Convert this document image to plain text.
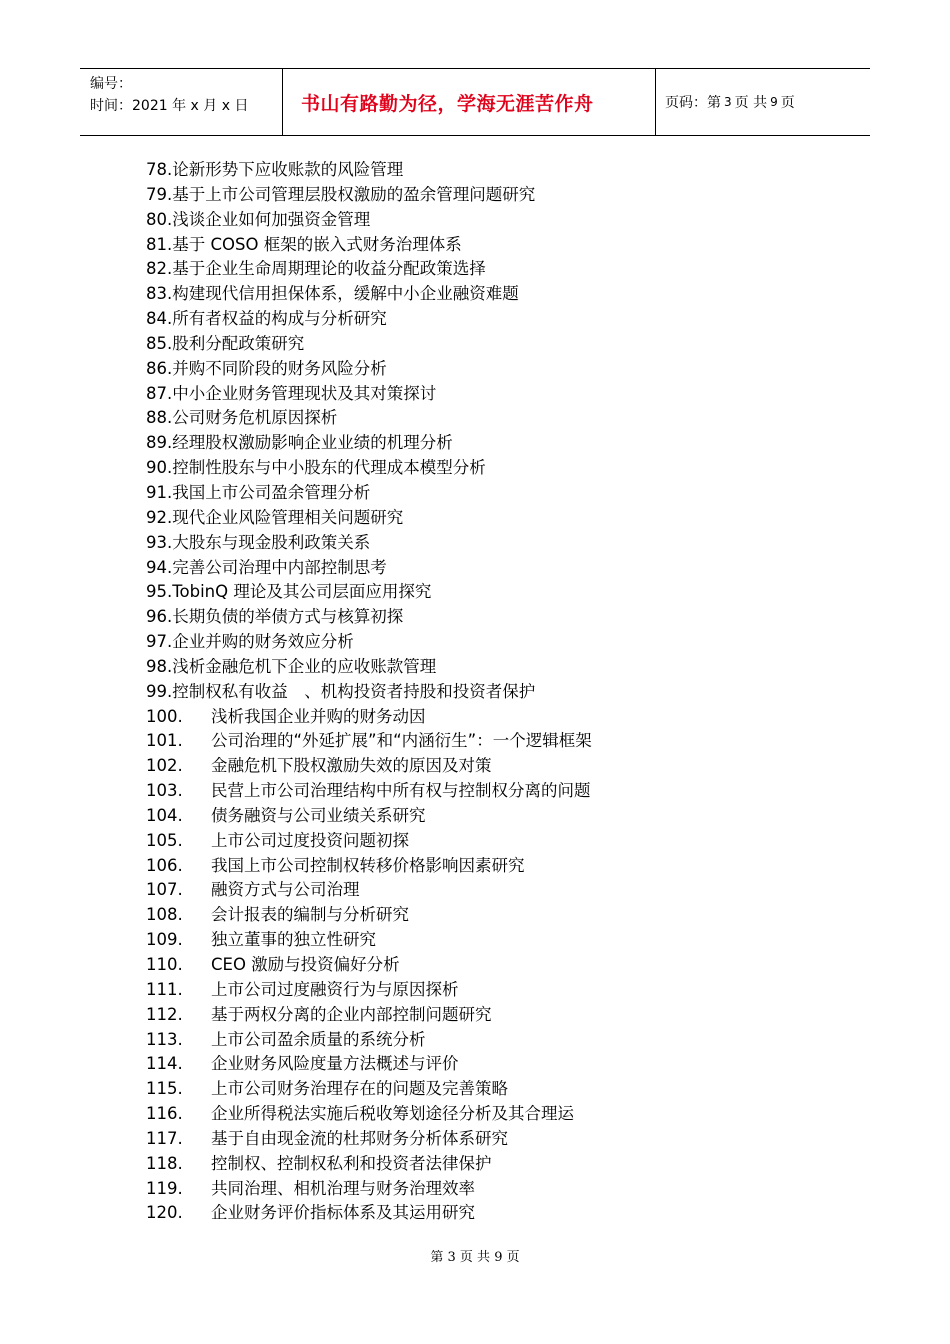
编号：
时间：2021 年 x 月 x 日	书山有路勤为径，学海无涯苦作舟	页码：第 3 页 共 9 页
78. 论新形势下应收账款的风险管理
79. 基于上市公司管理层股权激励的盈余管理问题研究
80. 浅谈企业如何加强资金管理
81. 基于 COSO 框架的嵌入式财务治理体系
82. 基于企业生命周期理论的收益分配政策选择
83. 构建现代信用担保体系，缓解中小企业融资难题
84. 所有者权益的构成与分析研究
85. 股利分配政策研究
86. 并购不同阶段的财务风险分析
87. 中小企业财务管理现状及其对策探讨
88. 公司财务危机原因探析
89. 经理股权激励影响企业业绩的机理分析
90. 控制性股东与中小股东的代理成本模型分析
91. 我国上市公司盈余管理分析
92. 现代企业风险管理相关问题研究
93. 大股东与现金股利政策关系
94. 完善公司治理中内部控制思考
95. TobinQ 理论及其公司层面应用探究
96. 长期负债的举债方式与核算初探
97. 企业并购的财务效应分析
98. 浅析金融危机下企业的应收账款管理
99. 控制权私有收益　、机构投资者持股和投资者保护
100.	浅析我国企业并购的财务动因
101.	公司治理的“外延扩展”和“内涵衍生”：一个逻辑框架
102.	金融危机下股权激励失效的原因及对策
103.	民营上市公司治理结构中所有权与控制权分离的问题
104.	债务融资与公司业绩关系研究
105.	上市公司过度投资问题初探
106.	我国上市公司控制权转移价格影响因素研究
107.	融资方式与公司治理
108.	会计报表的编制与分析研究
109.	独立董事的独立性研究
110.	CEO 激励与投资偏好分析
111.	上市公司过度融资行为与原因探析
112.	基于两权分离的企业内部控制问题研究
113.	上市公司盈余质量的系统分析
114.	企业财务风险度量方法概述与评价
115.	上市公司财务治理存在的问题及完善策略
116.	企业所得税法实施后税收筹划途径分析及其合理运
117.	基于自由现金流的杜邦财务分析体系研究
118.	控制权、控制权私利和投资者法律保护
119.	共同治理、相机治理与财务治理效率
120.	企业财务评价指标体系及其运用研究
第 3 页 共 9 页
